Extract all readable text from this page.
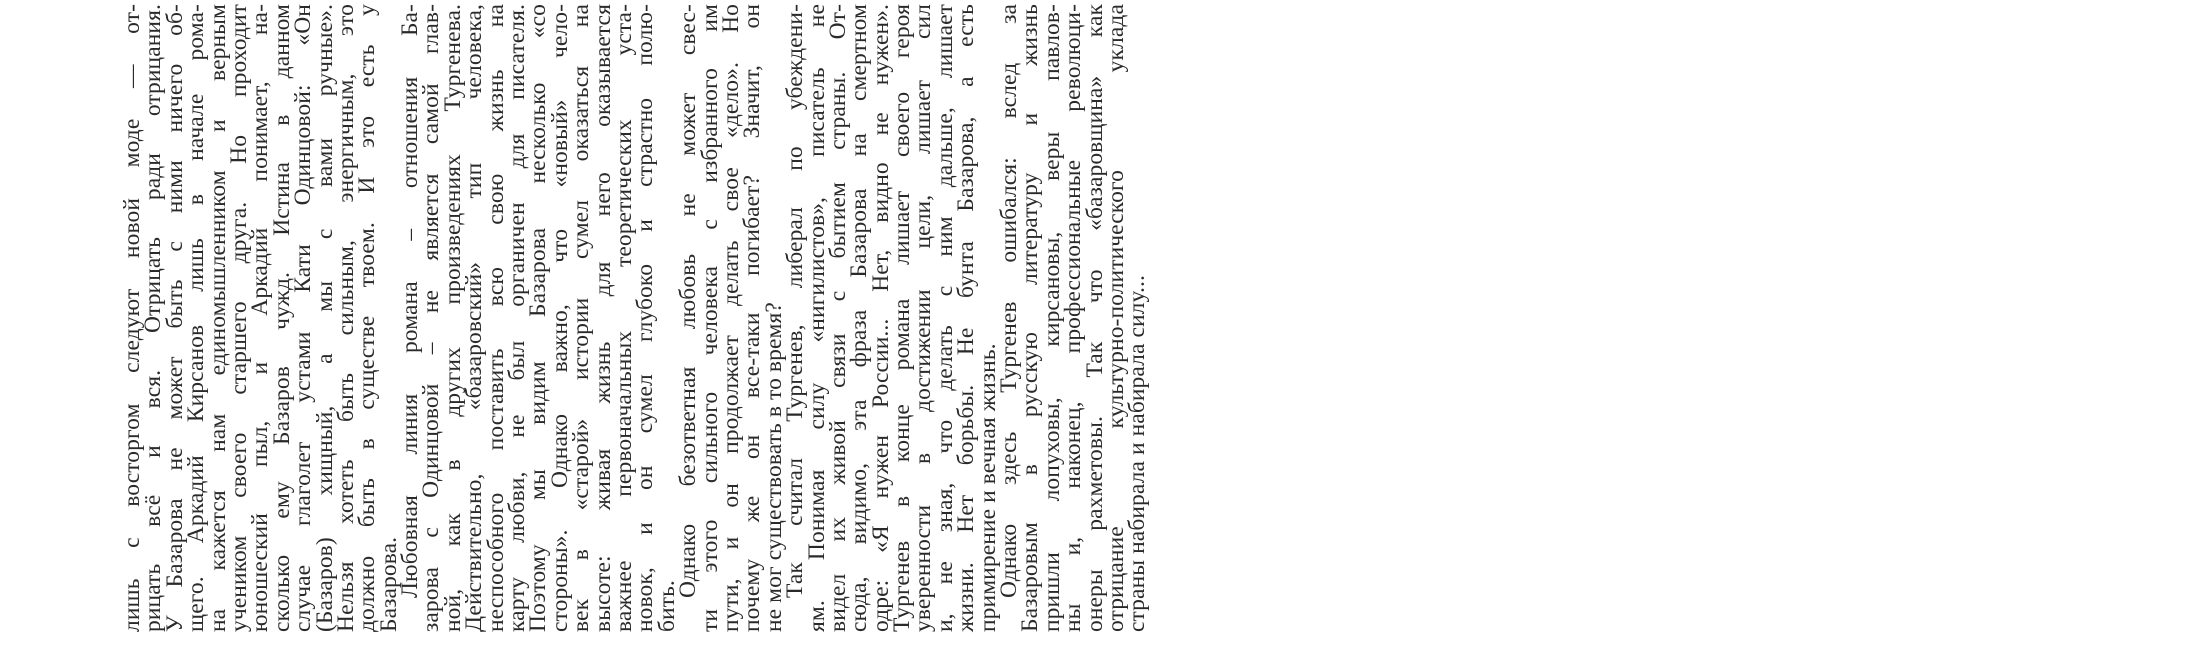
лишь с восторгом следуют новой моде — от-
рицать всё и вся. Отрицать ради отрицания.
У Базарова не может быть с ними ничего об-
щего. Аркадий Кирсанов лишь в начале рома-
на кажется нам единомышленником и верным
учеником своего старшего друга. Но проходит
юношеский пыл, и Аркадий понимает, на-
сколько ему Базаров чужд. Истина в данном
случае глаголет устами Кати Одинцовой: «Он
(Базаров) хищный, а мы с вами ручные».
Нельзя хотеть быть сильным, энергичным, это
должно быть в существе твоем. И это есть у
Базарова.
Любовная линия романа – отношения Ба-
зарова с Одинцовой – не является самой глав-
ной, как в других произведениях Тургенева.
Действительно, «базаровский» тип человека,
неспособного поставить всю свою жизнь на
карту любви, не был органичен для писателя.
Поэтому мы видим Базарова несколько «со
стороны». Однако важно, что «новый» чело-
век в «старой» истории сумел оказаться на
высоте: живая жизнь для него оказывается
важнее первоначальных теоретических уста-
новок, и он сумел глубоко и страстно полю-
бить.
Однако безответная любовь не может свес-
ти этого сильного человека с избранного им
пути, и он продолжает делать свое «дело». Но
почему же он все-таки погибает? Значит, он
не мог существовать в то время?
Так считал Тургенев, либерал по убеждени-
ям. Понимая силу «нигилистов», писатель не
видел их живой связи с бытием страны. От-
сюда, видимо, эта фраза Базарова на смертном
одре: «Я нужен России... Нет, видно не нужен».
Тургенев в конце романа лишает своего героя
уверенности в достижении цели, лишает сил
и, не зная, что делать с ним дальше, лишает
жизни. Нет борьбы. Не бунта Базарова, а есть
примирение и вечная жизнь.
Однако здесь Тургенев ошибался: вслед за
Базаровым в русскую литературу и жизнь
пришли лопуховы, кирсановы, веры павлов-
ны и, наконец, профессиональные революци-
онеры рахметовы. Так что «базаровщина» как
отрицание культурно-политического уклада
страны набирала и набирала силу...
